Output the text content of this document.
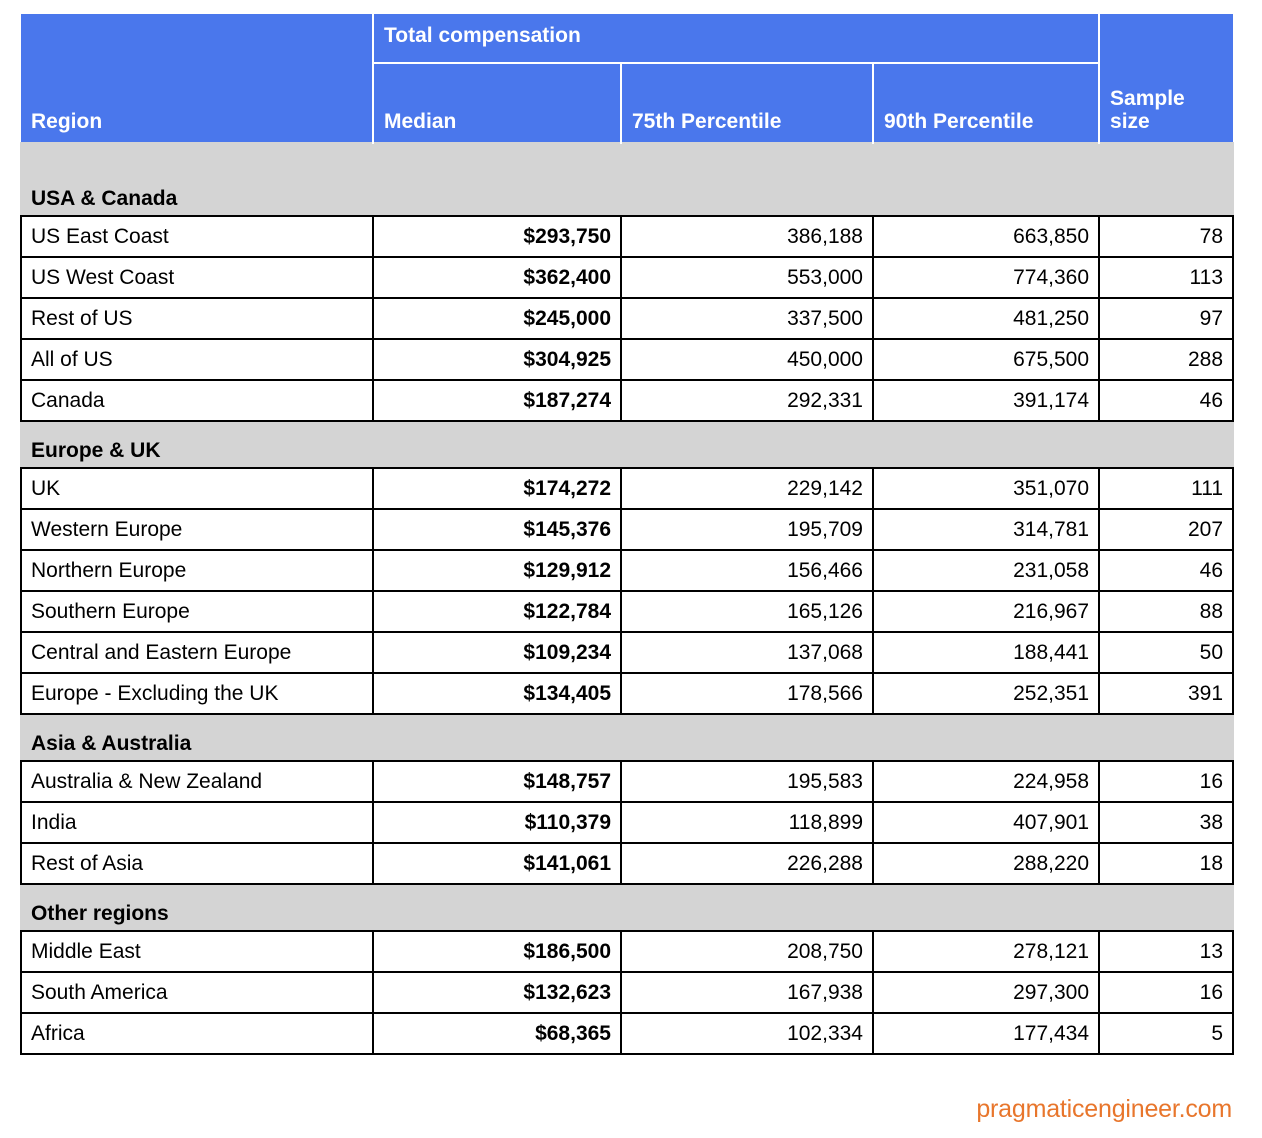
Region	Total compensation			Sample size
	Median	75th Percentile	90th Percentile	
USA & Canada				
US East Coast	$293,750	386,188	663,850	78
US West Coast	$362,400	553,000	774,360	113
Rest of US	$245,000	337,500	481,250	97
All of US	$304,925	450,000	675,500	288
Canada	$187,274	292,331	391,174	46
Europe & UK				
UK	$174,272	229,142	351,070	111
Western Europe	$145,376	195,709	314,781	207
Northern Europe	$129,912	156,466	231,058	46
Southern Europe	$122,784	165,126	216,967	88
Central and Eastern Europe	$109,234	137,068	188,441	50
Europe - Excluding the UK	$134,405	178,566	252,351	391
Asia & Australia				
Australia & New Zealand	$148,757	195,583	224,958	16
India	$110,379	118,899	407,901	38
Rest of Asia	$141,061	226,288	288,220	18
Other regions				
Middle East	$186,500	208,750	278,121	13
South America	$132,623	167,938	297,300	16
Africa	$68,365	102,334	177,434	5
pragmaticengineer.com
